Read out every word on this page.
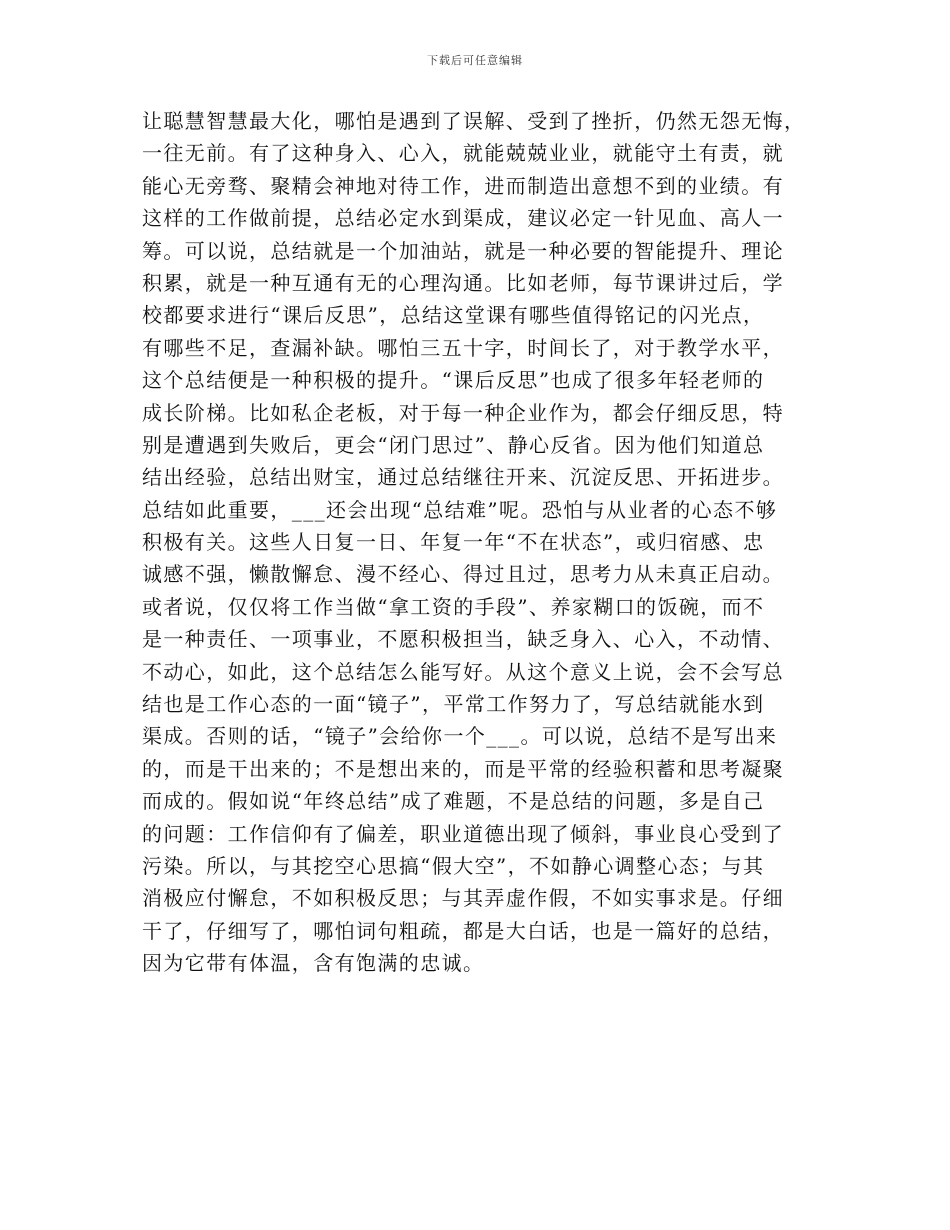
下载后可任意编辑
让聪慧智慧最大化，哪怕是遇到了误解、受到了挫折，仍然无怨无悔，
一往无前。有了这种身入、心入，就能兢兢业业，就能守土有责，就
能心无旁骛、聚精会神地对待工作，进而制造出意想不到的业绩。有
这样的工作做前提，总结必定水到渠成，建议必定一针见血、高人一
筹。可以说，总结就是一个加油站，就是一种必要的智能提升、理论
积累，就是一种互通有无的心理沟通。比如老师，每节课讲过后，学
校都要求进行“课后反思”，总结这堂课有哪些值得铭记的闪光点，
有哪些不足，查漏补缺。哪怕三五十字，时间长了，对于教学水平，
这个总结便是一种积极的提升。“课后反思”也成了很多年轻老师的
成长阶梯。比如私企老板，对于每一种企业作为，都会仔细反思，特
别是遭遇到失败后，更会“闭门思过”、静心反省。因为他们知道总
结出经验，总结出财宝，通过总结继往开来、沉淀反思、开拓进步。
总结如此重要，___还会出现“总结难”呢。恐怕与从业者的心态不够
积极有关。这些人日复一日、年复一年“不在状态”，或归宿感、忠
诚感不强，懒散懈怠、漫不经心、得过且过，思考力从未真正启动。
或者说，仅仅将工作当做“拿工资的手段”、养家糊口的饭碗，而不
是一种责任、一项事业，不愿积极担当，缺乏身入、心入，不动情、
不动心，如此，这个总结怎么能写好。从这个意义上说，会不会写总
结也是工作心态的一面“镜子”，平常工作努力了，写总结就能水到
渠成。否则的话，“镜子”会给你一个___。可以说，总结不是写出来
的，而是干出来的；不是想出来的，而是平常的经验积蓄和思考凝聚
而成的。假如说“年终总结”成了难题，不是总结的问题，多是自己
的问题：工作信仰有了偏差，职业道德出现了倾斜，事业良心受到了
污染。所以，与其挖空心思搞“假大空”，不如静心调整心态；与其
消极应付懈怠，不如积极反思；与其弄虚作假，不如实事求是。仔细
干了，仔细写了，哪怕词句粗疏，都是大白话，也是一篇好的总结，
因为它带有体温，含有饱满的忠诚。
